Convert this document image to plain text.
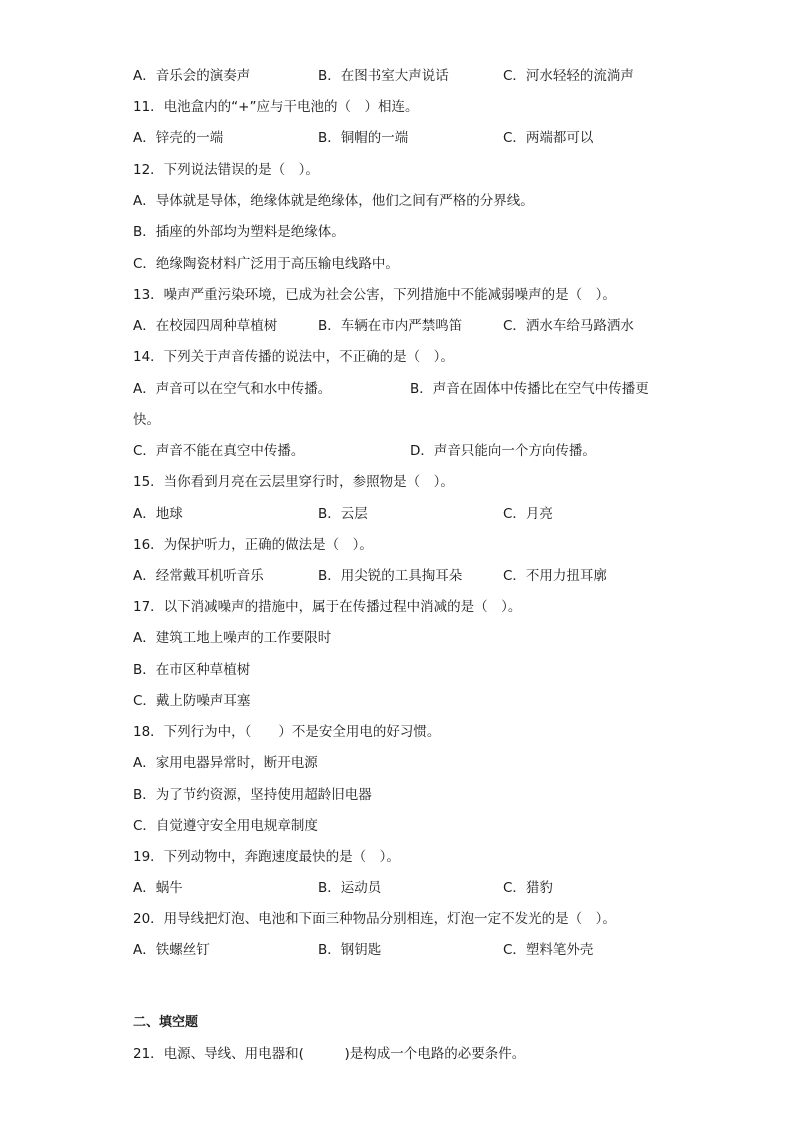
A．音乐会的演奏声	B．在图书室大声说话	C．河水轻轻的流淌声
11．电池盒内的“+”应与干电池的（　）相连。
A．锌壳的一端	B．铜帽的一端	C．两端都可以
12．下列说法错误的是（　）。
A．导体就是导体，绝缘体就是绝缘体，他们之间有严格的分界线。
B．插座的外部均为塑料是绝缘体。
C．绝缘陶瓷材料广泛用于高压输电线路中。
13．噪声严重污染环境，已成为社会公害，下列措施中不能减弱噪声的是（　）。
A．在校园四周种草植树	B．车辆在市内严禁鸣笛	C．洒水车给马路洒水
14．下列关于声音传播的说法中，不正确的是（　）。
A．声音可以在空气和水中传播。	B．声音在固体中传播比在空气中传播更
快。
C．声音不能在真空中传播。	D．声音只能向一个方向传播。
15．当你看到月亮在云层里穿行时，参照物是（　）。
A．地球	B．云层	C．月亮
16．为保护听力，正确的做法是（　）。
A．经常戴耳机听音乐	B．用尖锐的工具掏耳朵	C．不用力扭耳廓
17．以下消减噪声的措施中，属于在传播过程中消减的是（　）。
A．建筑工地上噪声的工作要限时
B．在市区种草植树
C．戴上防噪声耳塞
18．下列行为中，（　　）不是安全用电的好习惯。
A．家用电器异常时，断开电源
B．为了节约资源，坚持使用超龄旧电器
C．自觉遵守安全用电规章制度
19．下列动物中，奔跑速度最快的是（　）。
A．蜗牛	B．运动员	C．猎豹
20．用导线把灯泡、电池和下面三种物品分别相连，灯泡一定不发光的是（　）。
A．铁螺丝钉	B．钢钥匙	C．塑料笔外壳
二、填空题
21．电源、导线、用电器和(　　　)是构成一个电路的必要条件。
